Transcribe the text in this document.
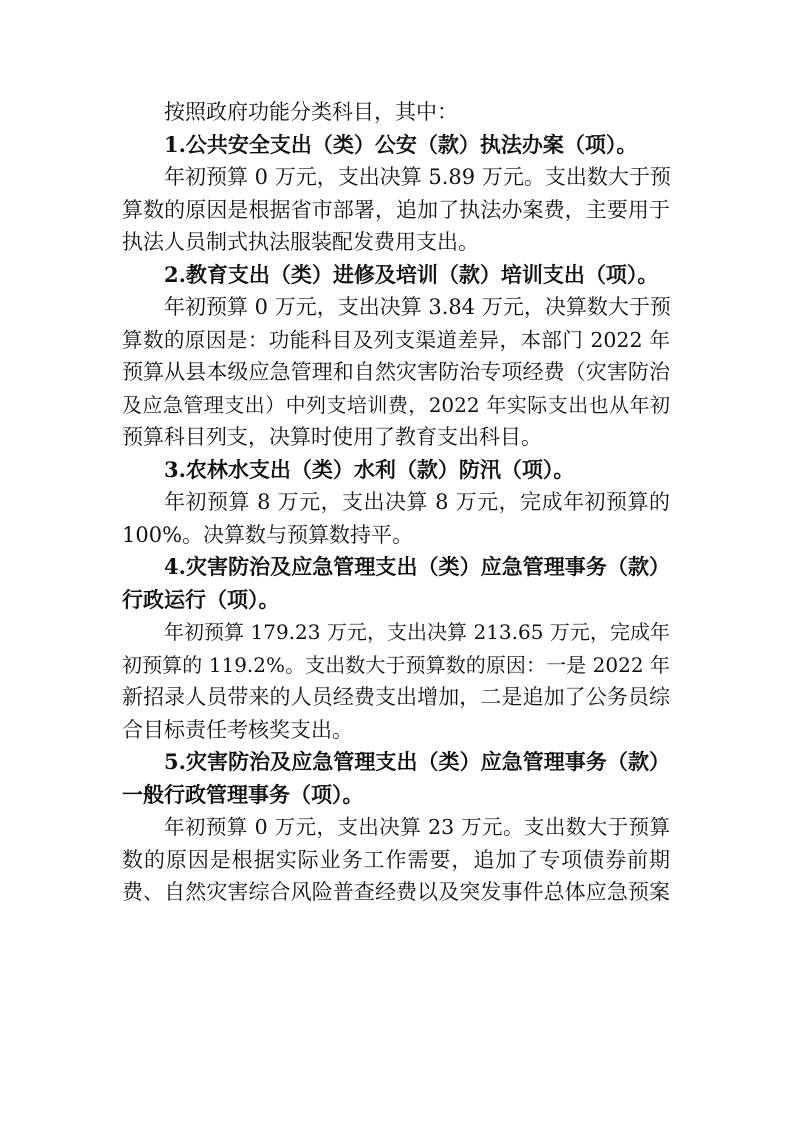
按照政府功能分类科目，其中：
1.公共安全支出（类）公安（款）执法办案（项）。
年初预算 0 万元，支出决算 5.89 万元。支出数大于预
算数的原因是根据省市部署，追加了执法办案费，主要用于
执法人员制式执法服装配发费用支出。
2.教育支出（类）进修及培训（款）培训支出（项）。
年初预算 0 万元，支出决算 3.84 万元，决算数大于预
算数的原因是：功能科目及列支渠道差异，本部门 2022 年
预算从县本级应急管理和自然灾害防治专项经费（灾害防治
及应急管理支出）中列支培训费，2022 年实际支出也从年初
预算科目列支，决算时使用了教育支出科目。
3.农林水支出（类）水利（款）防汛（项）。
年初预算 8 万元，支出决算 8 万元，完成年初预算的
100%。决算数与预算数持平。
4.灾害防治及应急管理支出（类）应急管理事务（款）
行政运行（项）。
年初预算 179.23 万元，支出决算 213.65 万元，完成年
初预算的 119.2%。支出数大于预算数的原因：一是 2022 年
新招录人员带来的人员经费支出增加，二是追加了公务员综
合目标责任考核奖支出。
5.灾害防治及应急管理支出（类）应急管理事务（款）
一般行政管理事务（项）。
年初预算 0 万元，支出决算 23 万元。支出数大于预算
数的原因是根据实际业务工作需要，追加了专项债券前期
费、自然灾害综合风险普查经费以及突发事件总体应急预案
